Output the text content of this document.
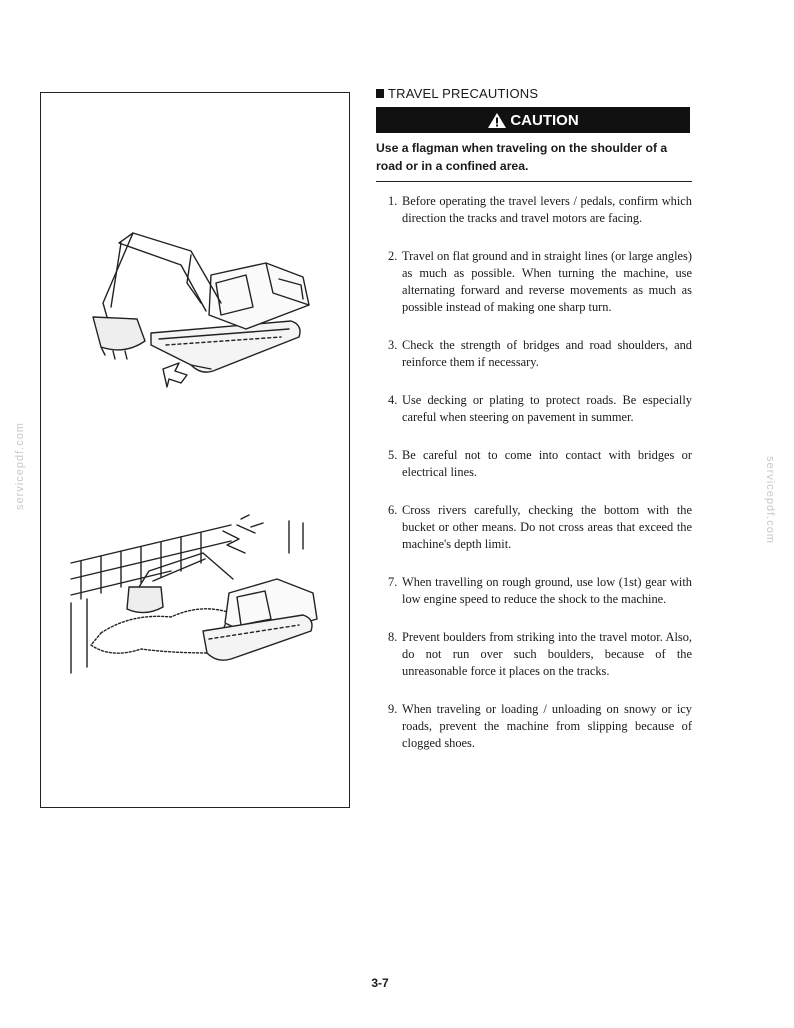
servicepdf.com	servicepdf.com
TRAVEL PRECAUTIONS
CAUTION
Use a flagman when traveling on the shoulder of a road or in a confined area.
1. Before operating the travel levers / pedals, confirm which direction the tracks and travel motors are facing.
2. Travel on flat ground and in straight lines (or large angles) as much as possible. When turning the machine, use alternating forward and reverse movements as much as possible instead of making one sharp turn.
3. Check the strength of bridges and road shoulders, and reinforce them if necessary.
4. Use decking or plating to protect roads. Be especially careful when steering on pavement in summer.
5. Be careful not to come into contact with bridges or electrical lines.
6. Cross rivers carefully, checking the bottom with the bucket or other means. Do not cross areas that exceed the machine's depth limit.
7. When travelling on rough ground, use low (1st) gear with low engine speed to reduce the shock to the machine.
8. Prevent boulders from striking into the travel motor. Also, do not run over such boulders, because of the unreasonable force it places on the tracks.
9. When traveling or loading / unloading on snowy or icy roads, prevent the machine from slipping because of clogged shoes.
3-7
